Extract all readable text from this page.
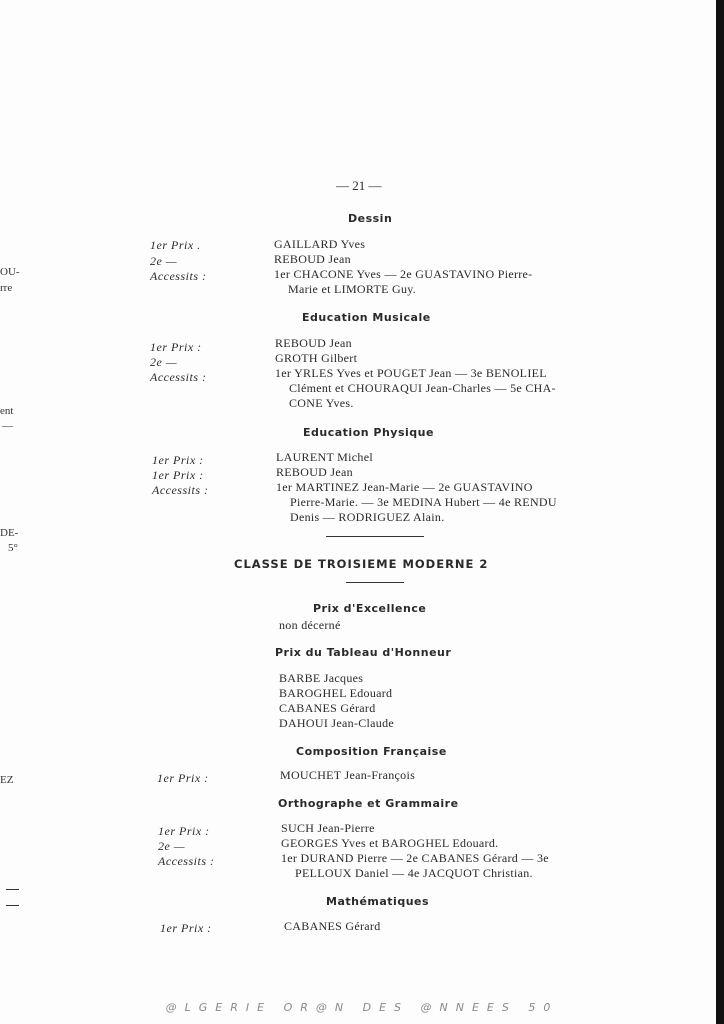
OU-
rre
ent
—
DE-
5°
EZ
— 21 —
Dessin
1er Prix .
2e —
Accessits :
GAILLARD Yves
REBOUD Jean
1er CHACONE Yves — 2e GUASTAVINO Pierre-
Marie et LIMORTE Guy.
Education Musicale
1er Prix :
2e —
Accessits :
REBOUD Jean
GROTH Gilbert
1er YRLES Yves et POUGET Jean — 3e BENOLIEL
Clément et CHOURAQUI Jean-Charles — 5e CHA-
CONE Yves.
Education Physique
1er Prix :
1er Prix :
Accessits :
LAURENT Michel
REBOUD Jean
1er MARTINEZ Jean-Marie — 2e GUASTAVINO
Pierre-Marie. — 3e MEDINA Hubert — 4e RENDU
Denis — RODRIGUEZ Alain.
CLASSE DE TROISIEME MODERNE 2
Prix d'Excellence
non décerné
Prix du Tableau d'Honneur
BARBE Jacques
BAROGHEL Edouard
CABANES Gérard
DAHOUI Jean-Claude
Composition Française
1er Prix :	MOUCHET Jean-François
Orthographe et Grammaire
1er Prix :
2e —
Accessits :
SUCH Jean-Pierre
GEORGES Yves et BAROGHEL Edouard.
1er DURAND Pierre — 2e CABANES Gérard — 3e
PELLOUX Daniel — 4e JACQUOT Christian.
Mathématiques
1er Prix :	CABANES Gérard
@LGERIE OR@N DES @NNEES 50
